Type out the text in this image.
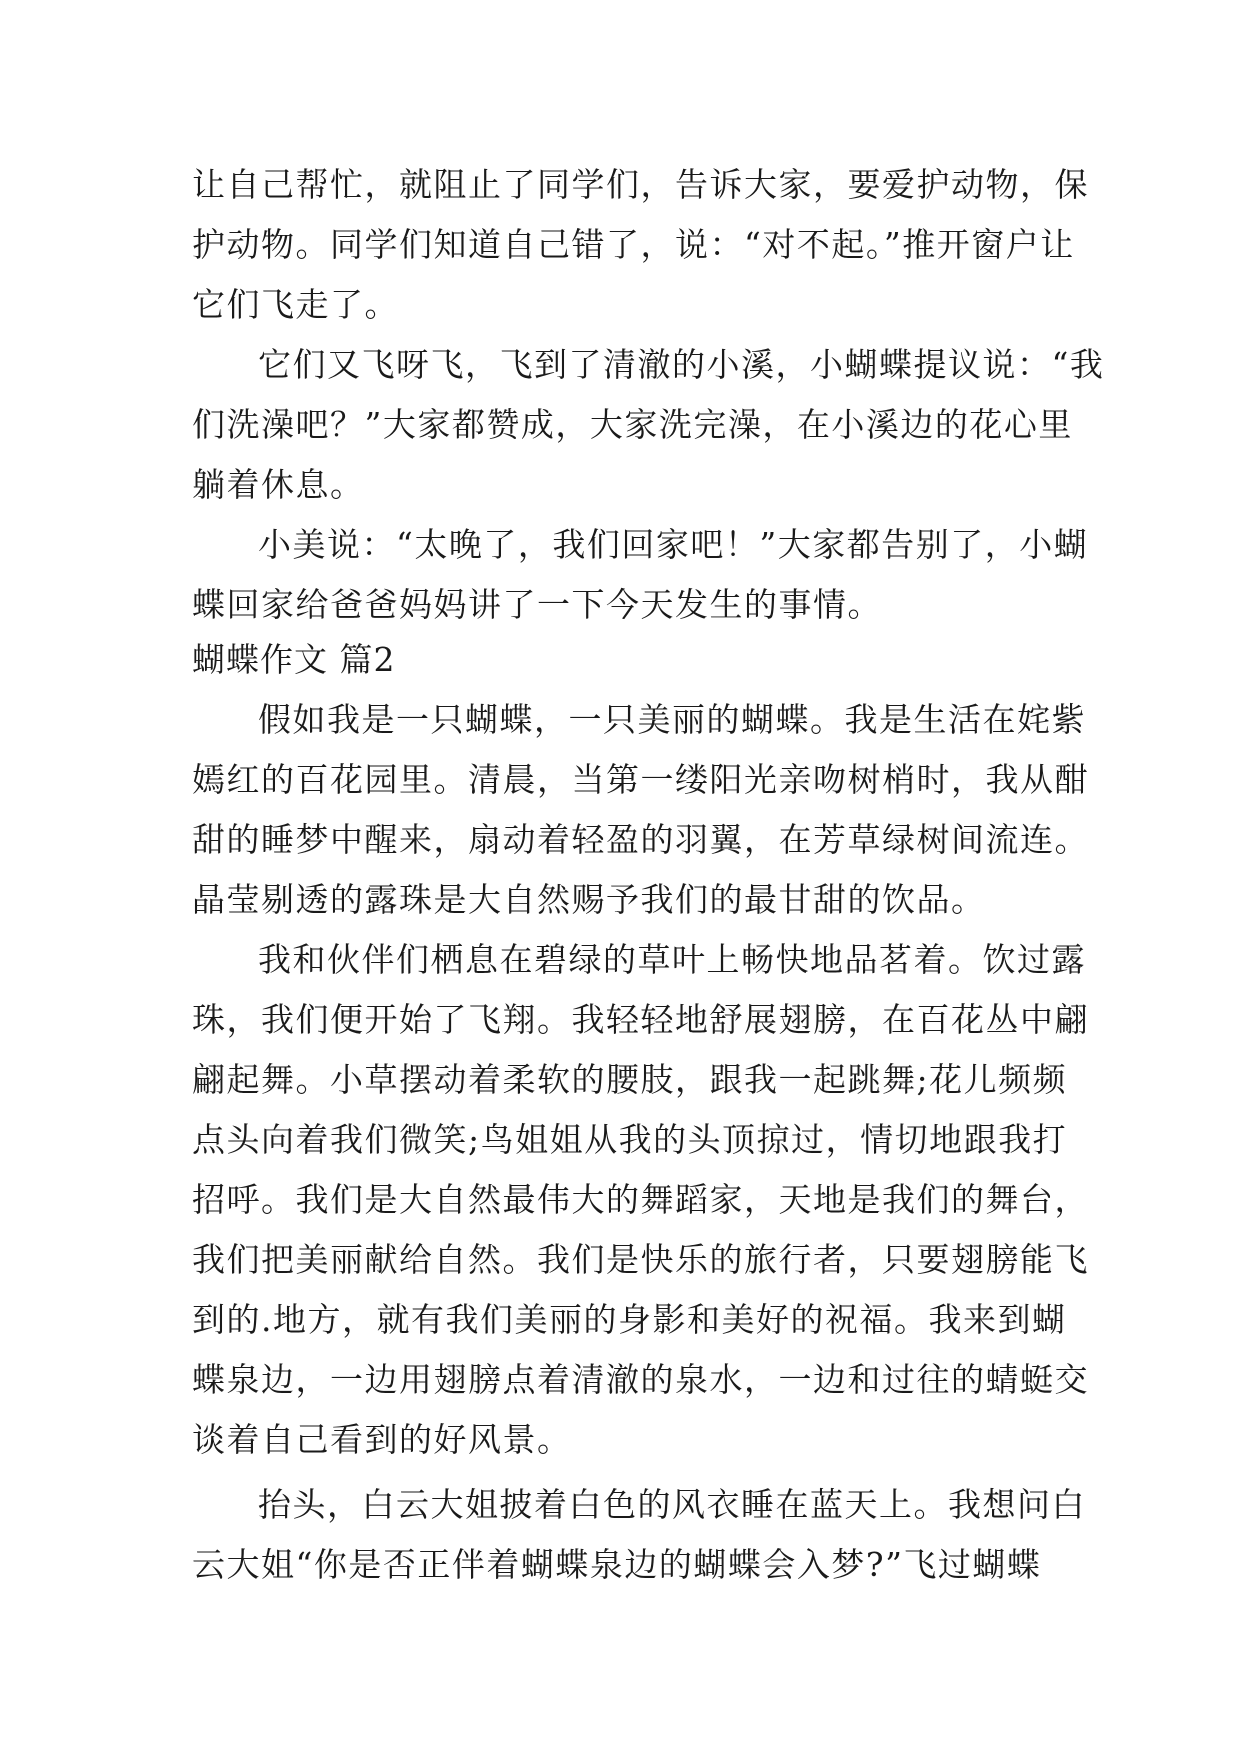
让自己帮忙，就阻止了同学们，告诉大家，要爱护动物，保
护动物。同学们知道自己错了，说：“对不起。”推开窗户让
它们飞走了。
它们又飞呀飞，飞到了清澈的小溪，小蝴蝶提议说：“我
们洗澡吧？”大家都赞成，大家洗完澡，在小溪边的花心里
躺着休息。
小美说：“太晚了，我们回家吧！”大家都告别了，小蝴
蝶回家给爸爸妈妈讲了一下今天发生的事情。
蝴蝶作文 篇2
假如我是一只蝴蝶，一只美丽的蝴蝶。我是生活在姹紫
嫣红的百花园里。清晨，当第一缕阳光亲吻树梢时，我从酣
甜的睡梦中醒来，扇动着轻盈的羽翼，在芳草绿树间流连。
晶莹剔透的露珠是大自然赐予我们的最甘甜的饮品。
我和伙伴们栖息在碧绿的草叶上畅快地品茗着。饮过露
珠，我们便开始了飞翔。我轻轻地舒展翅膀，在百花丛中翩
翩起舞。小草摆动着柔软的腰肢，跟我一起跳舞;花儿频频
点头向着我们微笑;鸟姐姐从我的头顶掠过，情切地跟我打
招呼。我们是大自然最伟大的舞蹈家，天地是我们的舞台，
我们把美丽献给自然。我们是快乐的旅行者，只要翅膀能飞
到的.地方，就有我们美丽的身影和美好的祝福。我来到蝴
蝶泉边，一边用翅膀点着清澈的泉水，一边和过往的蜻蜓交
谈着自己看到的好风景。
抬头，白云大姐披着白色的风衣睡在蓝天上。我想问白
云大姐“你是否正伴着蝴蝶泉边的蝴蝶会入梦?”飞过蝴蝶
